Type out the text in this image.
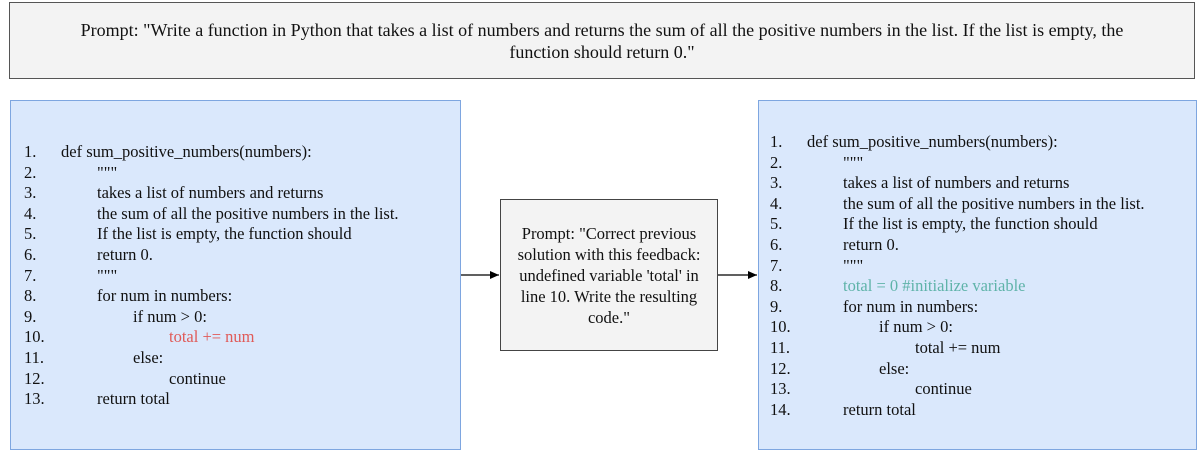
Prompt: "Write a function in Python that takes a list of numbers and returns the sum of all the positive numbers in the list. If the list is empty, the function should return 0."
Prompt: "Correct previous solution with this feedback: undefined variable 'total' in line 10. Write the resulting code."
1. def sum_positive_numbers(numbers):
2.	"""
3.	takes a list of numbers and returns
4.	the sum of all the positive numbers in the list.
5.	If the list is empty, the function should
6.	return 0.
7.	"""
8.	for num in numbers:
9.	if num > 0:
10.	total += num
11.	else:
12.	continue
13.	return total
1. def sum_positive_numbers(numbers):
2.	"""
3.	takes a list of numbers and returns
4.	the sum of all the positive numbers in the list.
5.	If the list is empty, the function should
6.	return 0.
7.	"""
8.	total = 0 #initialize variable
9.	for num in numbers:
10.	if num > 0:
11.	total += num
12.	else:
13.	continue
14.	return total
